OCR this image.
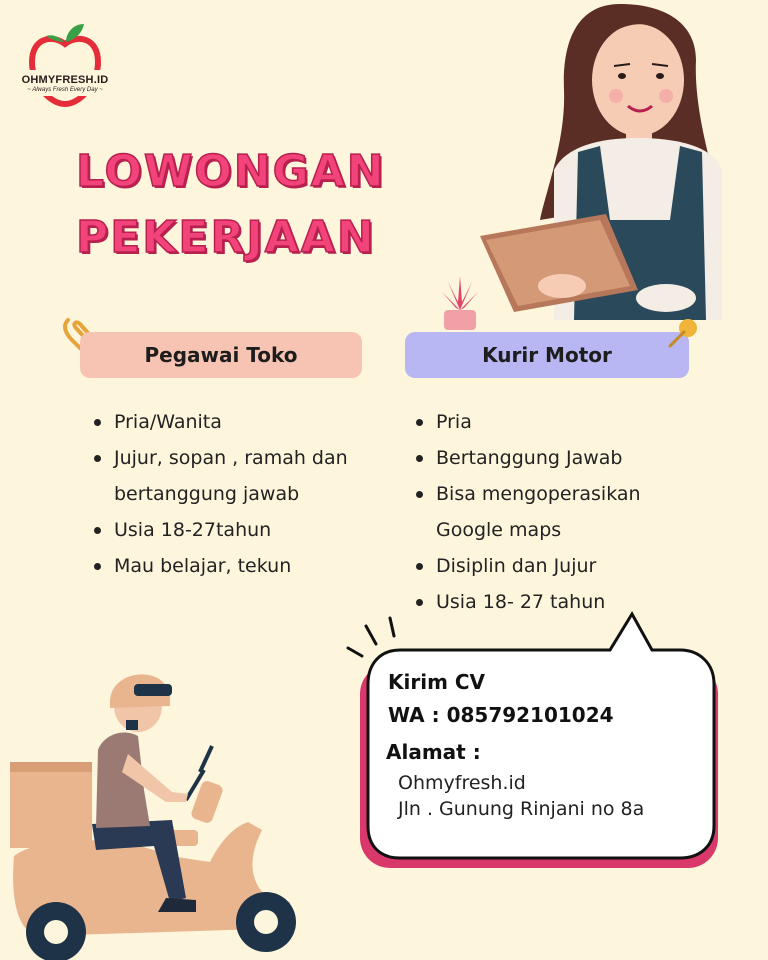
OHMYFRESH.ID
~ Always Fresh Every Day ~
LOWONGAN
PEKERJAAN
Pegawai Toko	Kurir Motor
Pria/Wanita
Jujur, sopan , ramah dan bertanggung jawab
Usia 18-27tahun
Mau belajar, tekun
Pria
Bertanggung Jawab
Bisa mengoperasikan Google maps
Disiplin dan Jujur
Usia 18- 27 tahun
Kirim CV
WA : 085792101024
Alamat :
Ohmyfresh.id
Jln . Gunung Rinjani no 8a
